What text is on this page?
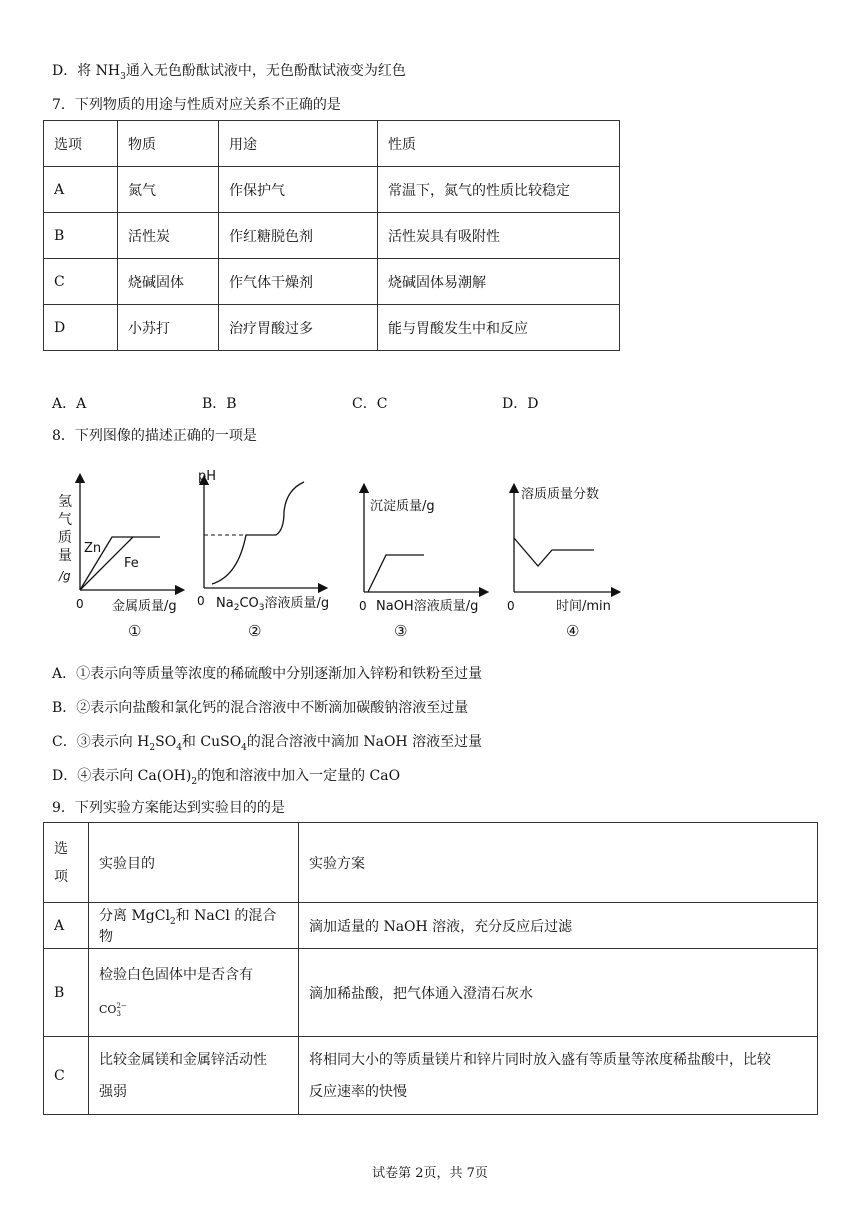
D．将 $NH_3$通入无色酚酞试液中，无色酚酞试液变为红色
7．下列物质的用途与性质对应关系不正确的是
选项	物质	用途	性质
A	氮气	作保护气	常温下，氮气的性质比较稳定
B	活性炭	作红糖脱色剂	活性炭具有吸附性
C	烧碱固体	作气体干燥剂	烧碱固体易潮解
D	小苏打	治疗胃酸过多	能与胃酸发生中和反应
A．A	B．B	C．C	D．D
8．下列图像的描述正确的一项是
氢
气
质
量
/g
Zn
Fe
0 金属质量/g
①
pH
0 $Na_2CO_3$溶液质量/g
②
沉淀质量/g
0 NaOH溶液质量/g
③
溶质质量分数
0	时间/min
④
A．①表示向等质量等浓度的稀硫酸中分别逐渐加入锌粉和铁粉至过量
B．②表示向盐酸和氯化钙的混合溶液中不断滴加碳酸钠溶液至过量
C．③表示向 $H_2SO_4$和 CuSO$_4$的混合溶液中滴加 NaOH 溶液至过量
D．④表示向 $Ca(OH)_2$的饱和溶液中加入一定量的 CaO
9．下列实验方案能达到实验目的的是
选
项	实验目的	实验方案
A	分离 MgCl$_2$和 NaCl 的混合物	滴加适量的 NaOH 溶液，充分反应后过滤
B	检验白色固体中是否含有
CO2−
3	滴加稀盐酸，把气体通入澄清石灰水
C	比较金属镁和金属锌活动性
强弱	将相同大小的等质量镁片和锌片同时放入盛有等质量等浓度稀盐酸中，比较
反应速率的快慢
试卷第 2页，共 7页
